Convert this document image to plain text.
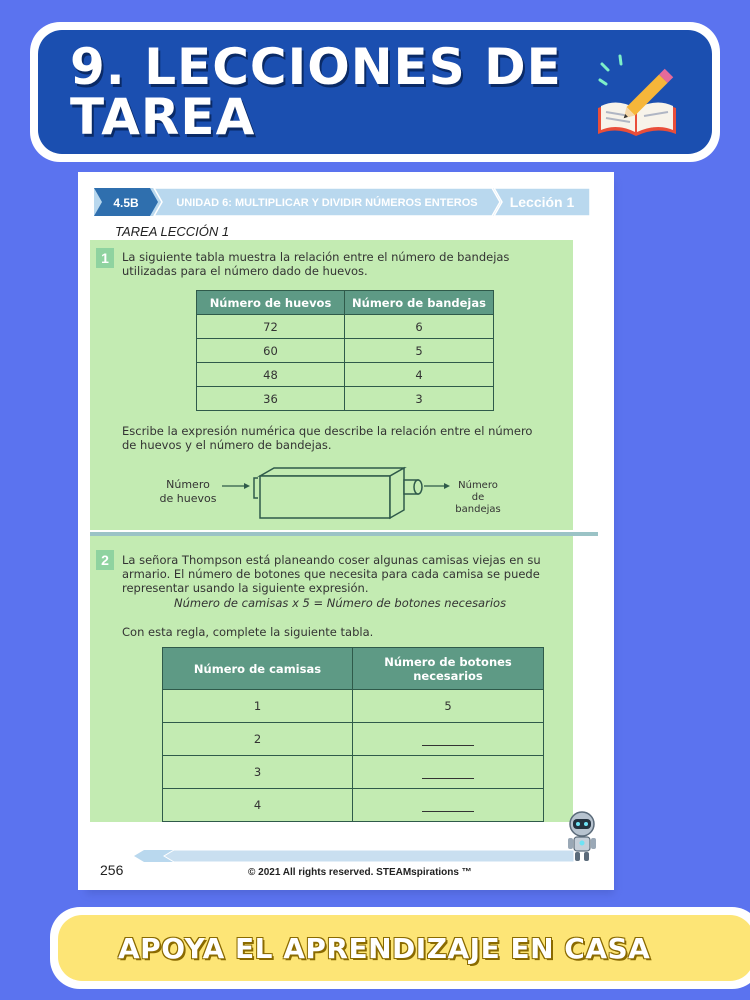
9. LECCIONES DE
TAREA
4.5B	UNIDAD 6: MULTIPLICAR Y DIVIDIR NÚMEROS ENTEROS Lección 1
TAREA LECCIÓN 1
1	La siguiente tabla muestra la relación entre el número de bandejas
utilizadas para el número dado de huevos.
Número de huevos	Número de bandejas
72	6
60	5
48	4
36	3
Escribe la expresión numérica que describe la relación entre el número
de huevos y el número de bandejas.
Número
de huevos
Número
de
bandejas
2	La señora Thompson está planeando coser algunas camisas viejas en su
armario. El número de botones que necesita para cada camisa se puede
representar usando la siguiente expresión.
Número de camisas x 5 = Número de botones necesarios
Con esta regla, complete la siguiente tabla.
Número de camisas	Número de botones
necesarios

1	5
2	
3	
4	
256	© 2021 All rights reserved. STEAMspirations ™
APOYA EL APRENDIZAJE EN CASA
